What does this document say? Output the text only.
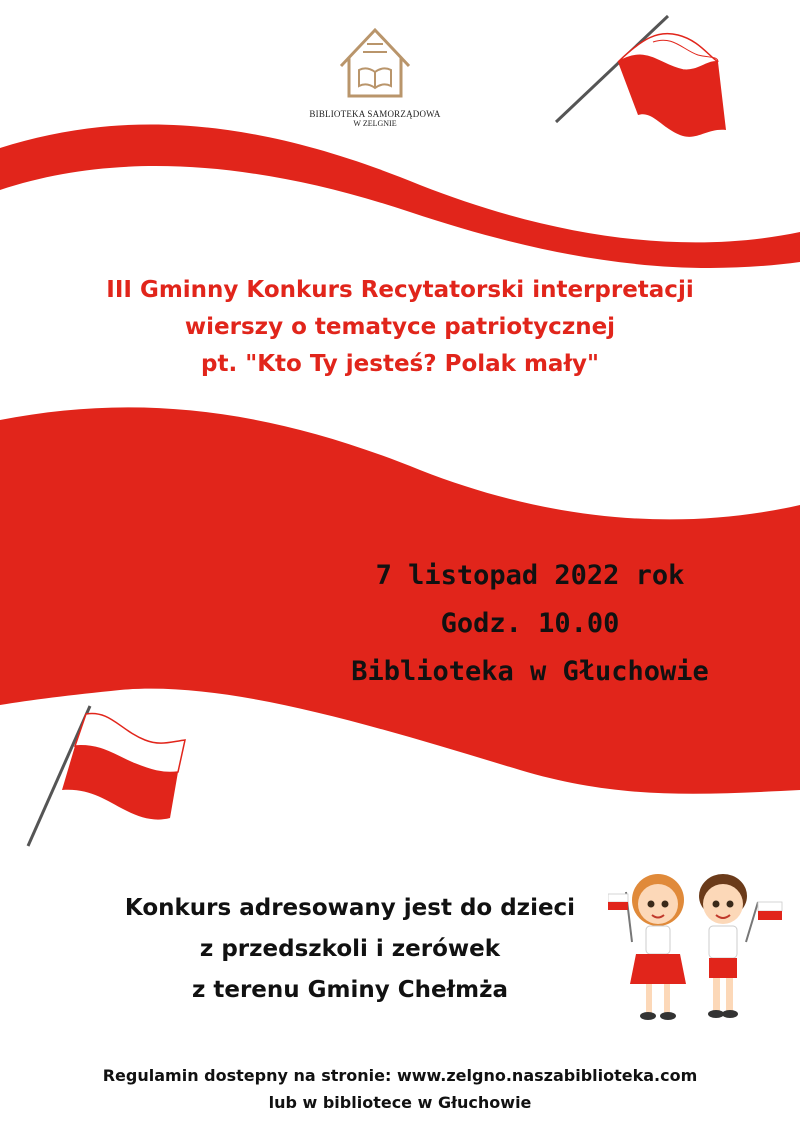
BIBLIOTEKA SAMORZĄDOWA
W ZELGNIE
III Gminny Konkurs Recytatorski interpretacji
wierszy o tematyce patriotycznej
pt. "Kto Ty jesteś? Polak mały"
7 listopad 2022 rok
Godz. 10.00
Biblioteka w Głuchowie
Konkurs adresowany jest do dzieci
z przedszkoli i zerówek
z terenu Gminy Chełmża
Regulamin dostepny na stronie: www.zelgno.naszabiblioteka.com
lub w bibliotece w Głuchowie
